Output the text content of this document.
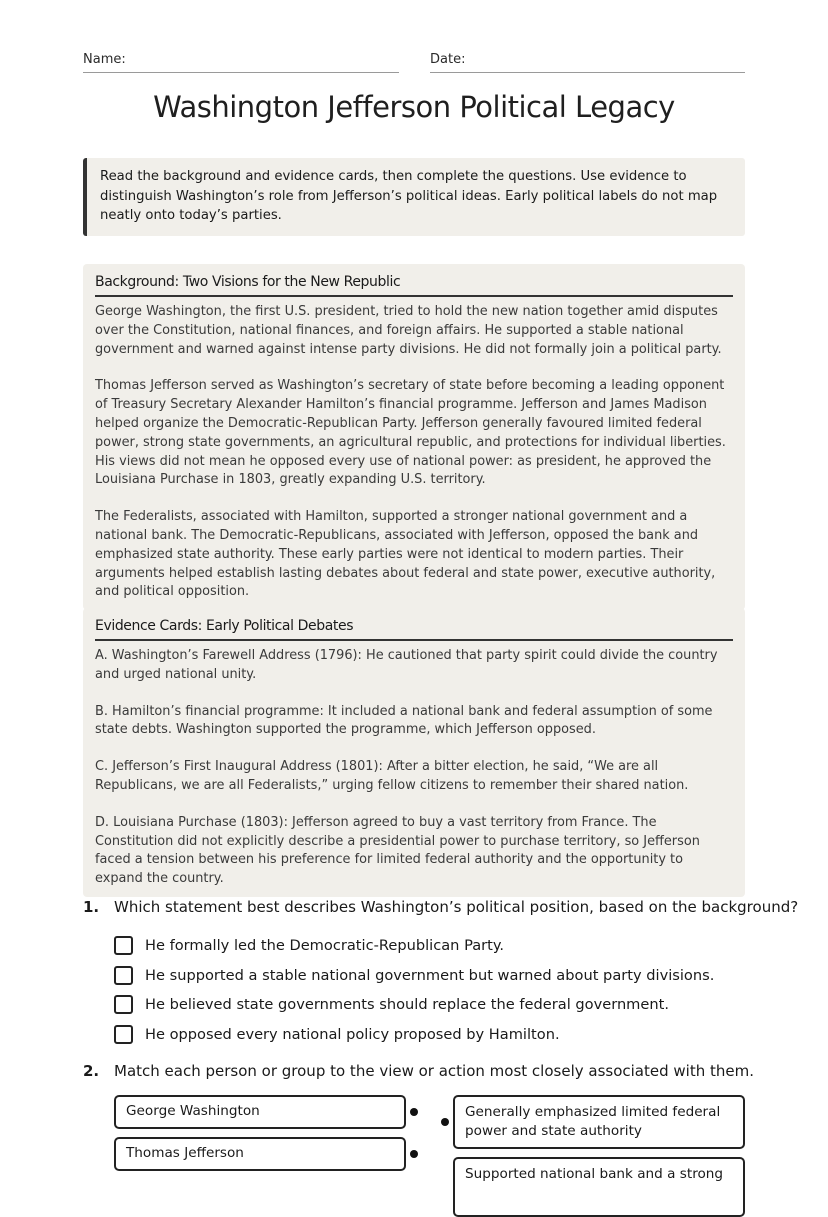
Name:	Date:
Washington Jefferson Political Legacy
Read the background and evidence cards, then complete the questions. Use evidence to distinguish Washington’s role from Jefferson’s political ideas. Early political labels do not map neatly onto today’s parties.
Background: Two Visions for the New Republic

George Washington, the first U.S. president, tried to hold the new nation together amid disputes over the Constitution, national finances, and foreign affairs. He supported a stable national government and warned against intense party divisions. He did not formally join a political party.

Thomas Jefferson served as Washington’s secretary of state before becoming a leading opponent of Treasury Secretary Alexander Hamilton’s financial programme. Jefferson and James Madison helped organize the Democratic-Republican Party. Jefferson generally favoured limited federal power, strong state governments, an agricultural republic, and protections for individual liberties. His views did not mean he opposed every use of national power: as president, he approved the Louisiana Purchase in 1803, greatly expanding U.S. territory.

The Federalists, associated with Hamilton, supported a stronger national government and a national bank. The Democratic-Republicans, associated with Jefferson, opposed the bank and emphasized state authority. These early parties were not identical to modern parties. Their arguments helped establish lasting debates about federal and state power, executive authority, and political opposition.

Evidence Cards: Early Political Debates

A. Washington’s Farewell Address (1796): He cautioned that party spirit could divide the country and urged national unity.

B. Hamilton’s financial programme: It included a national bank and federal assumption of some state debts. Washington supported the programme, which Jefferson opposed.

C. Jefferson’s First Inaugural Address (1801): After a bitter election, he said, “We are all Republicans, we are all Federalists,” urging fellow citizens to remember their shared nation.

D. Louisiana Purchase (1803): Jefferson agreed to buy a vast territory from France. The Constitution did not explicitly describe a presidential power to purchase territory, so Jefferson faced a tension between his preference for limited federal authority and the opportunity to expand the country.

1. Which statement best describes Washington’s political position, based on the background?
He formally led the Democratic-Republican Party.
He supported a stable national government but warned about party divisions.
He believed state governments should replace the federal government.
He opposed every national policy proposed by Hamilton.
2. Match each person or group to the view or action most closely associated with them.
George Washington
Thomas Jefferson
Generally emphasized limited federal power and state authority
Supported national bank and a strong
